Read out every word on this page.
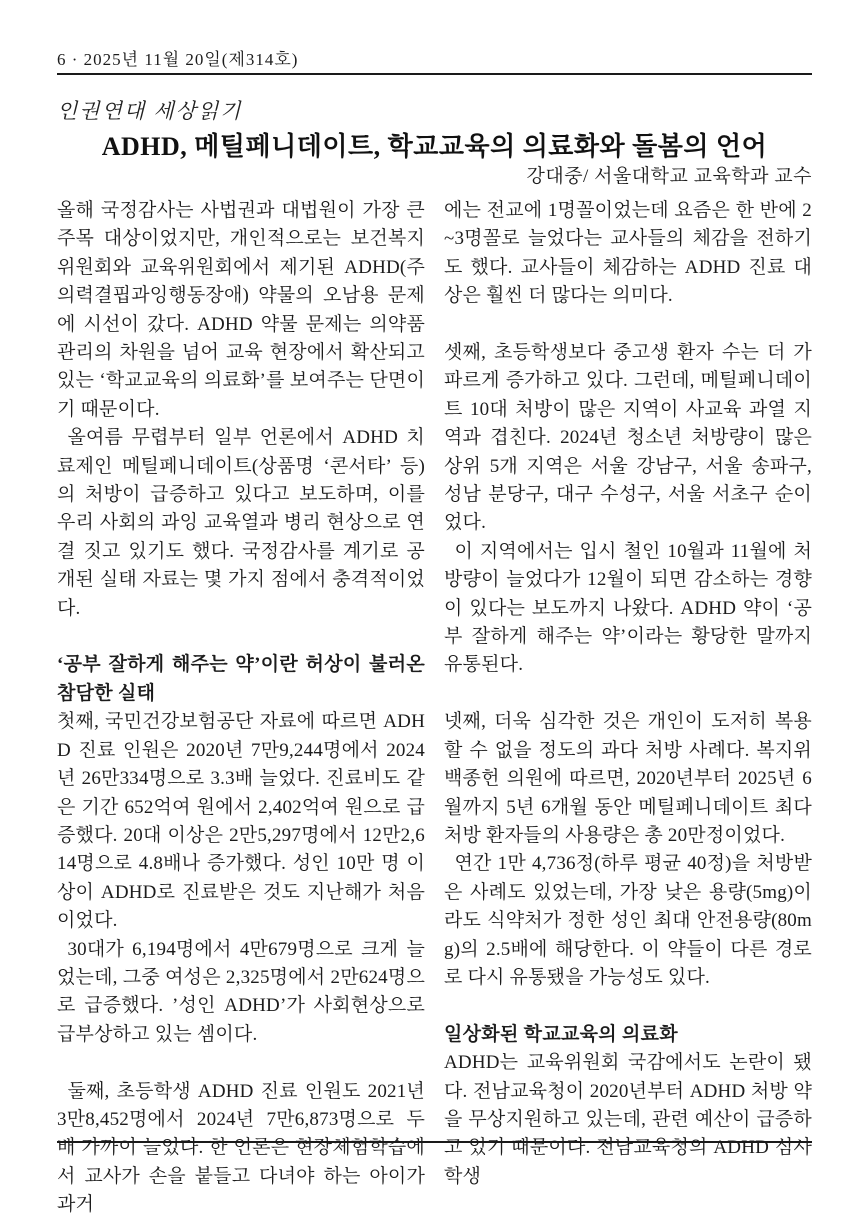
6 · 2025년 11월 20일(제314호)
인권연대 세상읽기
ADHD, 메틸페니데이트, 학교교육의 의료화와 돌봄의 언어
강대중/ 서울대학교 교육학과 교수

올해 국정감사는 사법권과 대법원이 가장 큰 주목 대상이었지만, 개인적으로는 보건복지위원회와 교육위원회에서 제기된 ADHD(주의력결핍과잉행동장애) 약물의 오남용 문제에 시선이 갔다. ADHD 약물 문제는 의약품 관리의 차원을 넘어 교육 현장에서 확산되고 있는 ‘학교교육의 의료화’를 보여주는 단면이기 때문이다.

올여름 무렵부터 일부 언론에서 ADHD 치료제인 메틸페니데이트(상품명 ‘콘서타’ 등)의 처방이 급증하고 있다고 보도하며, 이를 우리 사회의 과잉 교육열과 병리 현상으로 연결 짓고 있기도 했다. 국정감사를 계기로 공개된 실태 자료는 몇 가지 점에서 충격적이었다.

‘공부 잘하게 해주는 약’이란 허상이 불러온 참담한 실태

첫째, 국민건강보험공단 자료에 따르면 ADHD 진료 인원은 2020년 7만9,244명에서 2024년 26만334명으로 3.3배 늘었다. 진료비도 같은 기간 652억여 원에서 2,402억여 원으로 급증했다. 20대 이상은 2만5,297명에서 12만2,614명으로 4.8배나 증가했다. 성인 10만 명 이상이 ADHD로 진료받은 것도 지난해가 처음이었다.

30대가 6,194명에서 4만679명으로 크게 늘었는데, 그중 여성은 2,325명에서 2만624명으로 급증했다. ’성인 ADHD’가 사회현상으로 급부상하고 있는 셈이다.

둘째, 초등학생 ADHD 진료 인원도 2021년 3만8,452명에서 2024년 7만6,873명으로 두 배 가까이 늘었다. 한 언론은 현장체험학습에서 교사가 손을 붙들고 다녀야 하는 아이가 과거

에는 전교에 1명꼴이었는데 요즘은 한 반에 2~3명꼴로 늘었다는 교사들의 체감을 전하기도 했다. 교사들이 체감하는 ADHD 진료 대상은 훨씬 더 많다는 의미다.

셋째, 초등학생보다 중고생 환자 수는 더 가파르게 증가하고 있다. 그런데, 메틸페니데이트 10대 처방이 많은 지역이 사교육 과열 지역과 겹친다. 2024년 청소년 처방량이 많은 상위 5개 지역은 서울 강남구, 서울 송파구, 성남 분당구, 대구 수성구, 서울 서초구 순이었다.

이 지역에서는 입시 철인 10월과 11월에 처방량이 늘었다가 12월이 되면 감소하는 경향이 있다는 보도까지 나왔다. ADHD 약이 ‘공부 잘하게 해주는 약’이라는 황당한 말까지 유통된다.

넷째, 더욱 심각한 것은 개인이 도저히 복용할 수 없을 정도의 과다 처방 사례다. 복지위 백종헌 의원에 따르면, 2020년부터 2025년 6월까지 5년 6개월 동안 메틸페니데이트 최다 처방 환자들의 사용량은 총 20만정이었다.

연간 1만 4,736정(하루 평균 40정)을 처방받은 사례도 있었는데, 가장 낮은 용량(5mg)이라도 식약처가 정한 성인 최대 안전용량(80mg)의 2.5배에 해당한다. 이 약들이 다른 경로로 다시 유통됐을 가능성도 있다.

일상화된 학교교육의 의료화

ADHD는 교육위원회 국감에서도 논란이 됐다. 전남교육청이 2020년부터 ADHD 처방 약을 무상지원하고 있는데, 관련 예산이 급증하고 있기 때문이다. 전남교육청의 ADHD 심사 학생
